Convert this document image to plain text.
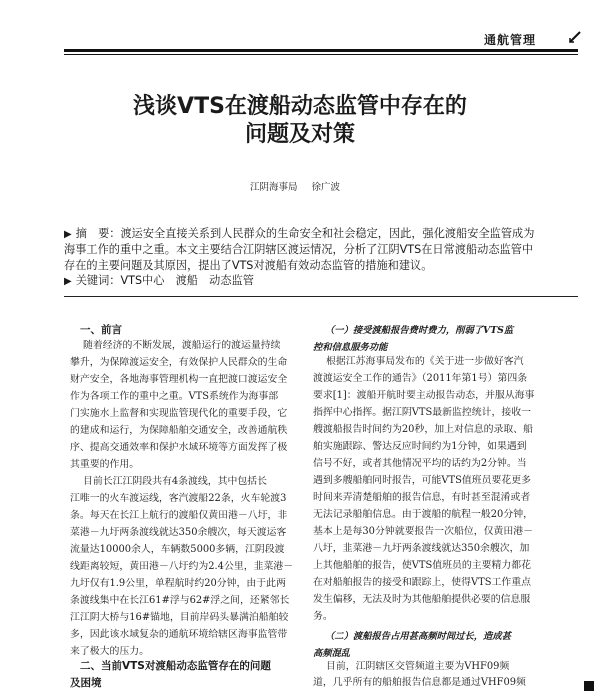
通航管理
浅谈VTS在渡船动态监管中存在的
问题及对策
江阴海事局 徐广波
▶ 摘　要：渡运安全直接关系到人民群众的生命安全和社会稳定，因此，强化渡船安全监管成为
海事工作的重中之重。本文主要结合江阴辖区渡运情况，分析了江阴VTS在日常渡船动态监管中
存在的主要问题及其原因，提出了VTS对渡船有效动态监管的措施和建议。
▶ 关键词：VTS中心　渡船　动态监管
一、前言
随着经济的不断发展，渡船运行的渡运量持续
攀升，为保障渡运安全，有效保护人民群众的生命
财产安全，各地海事管理机构一直把渡口渡运安全
作为各项工作的重中之重。VTS系统作为海事部
门实施水上监督和实现监管现代化的重要手段，它
的建成和运行，为保障船舶交通安全，改善通航秩
序、提高交通效率和保护水域环境等方面发挥了极
其重要的作用。
目前长江江阴段共有4条渡线，其中包括长
江唯一的火车渡运线，客汽渡船22条，火车轮渡3
条。每天在长江上航行的渡船仅黄田港－八圩，非
菜港－九圩两条渡线就达350余艘次，每天渡运客
流量达10000余人，车辆数5000多辆，江阴段渡
线距离较短，黄田港－八圩约为2.4公里，韭菜港－
九圩仅有1.9公里，单程航时约20分钟，由于此两
条渡线集中在长江61#浮与62#浮之间，还紧邻长
江江阴大桥与16#锚地，目前岸码头暴满泊船舶较
多，因此该水域复杂的通航环境给辖区海事监管带
来了极大的压力。
二、当前VTS对渡船动态监管存在的问题
及困境
（一）接受渡船报告费时费力，削弱了VTS监
控和信息服务功能
根据江苏海事局发布的《关于进一步做好客汽
渡渡运安全工作的通告》（2011年第1号）第四条
要求[1]：渡船开航时要主动报告动态，并服从海事
指挥中心指挥。据江阴VTS最新监控统计，接收一
艘渡船报告时间约为20秒，加上对信息的录取、船
舶实施跟踪、警达反应时间约为1分钟，如果遇到
信号不好，或者其他情况平均的话约为2分钟。当
遇到多艘船舶同时报告，可能VTS值班员要花更多
时间来弄清楚船舶的报告信息，有时甚至混淆或者
无法记录船舶信息。由于渡船的航程一般20分钟，
基本上是每30分钟就要报告一次船位，仅黄田港－
八圩，韭菜港－九圩两条渡线就达350余艘次，加
上其他船舶的报告，使VTS值班员的主要精力都花
在对船舶报告的接受和跟踪上，使得VTS工作重点
发生偏移，无法及时为其他船舶提供必要的信息服
务。
（二）渡船报告占用甚高频时间过长，造成甚
高频混乱
目前，江阴辖区交管频道主要为VHF09频
道，几乎所有的船舶报告信息都是通过VHF09频
